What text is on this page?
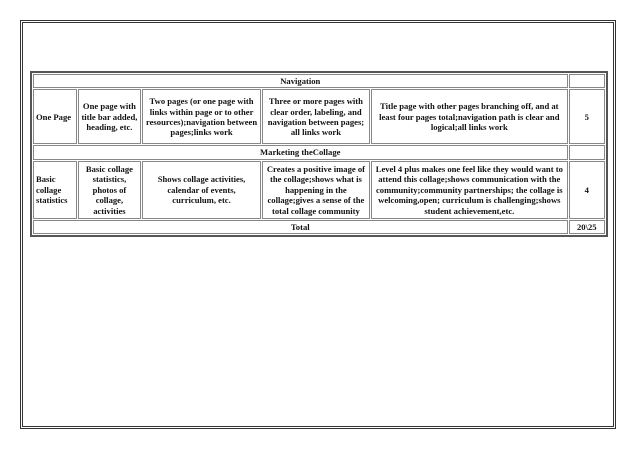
Navigation					
One Page	One page with title bar added, heading, etc.	Two pages (or one page with links within page or to other resources);navigation between pages;links work	Three or more pages with clear order, labeling, and navigation between pages; all links work	Title page with other pages branching off, and at least four pages total;navigation path is clear and logical;all links work	5
Marketing theCollage					
Basic collage statistics	Basic collage statistics, photos of collage, activities	Shows collage activities, calendar of events, curriculum, etc.	Creates a positive image of the collage;shows what is happening in the collage;gives a sense of the total collage community	Level 4 plus makes one feel like they would want to attend this collage;shows communication with the community;community partnerships; the collage is welcoming,open; curriculum is challenging;shows student achievement,etc.	4
Total					20\25
